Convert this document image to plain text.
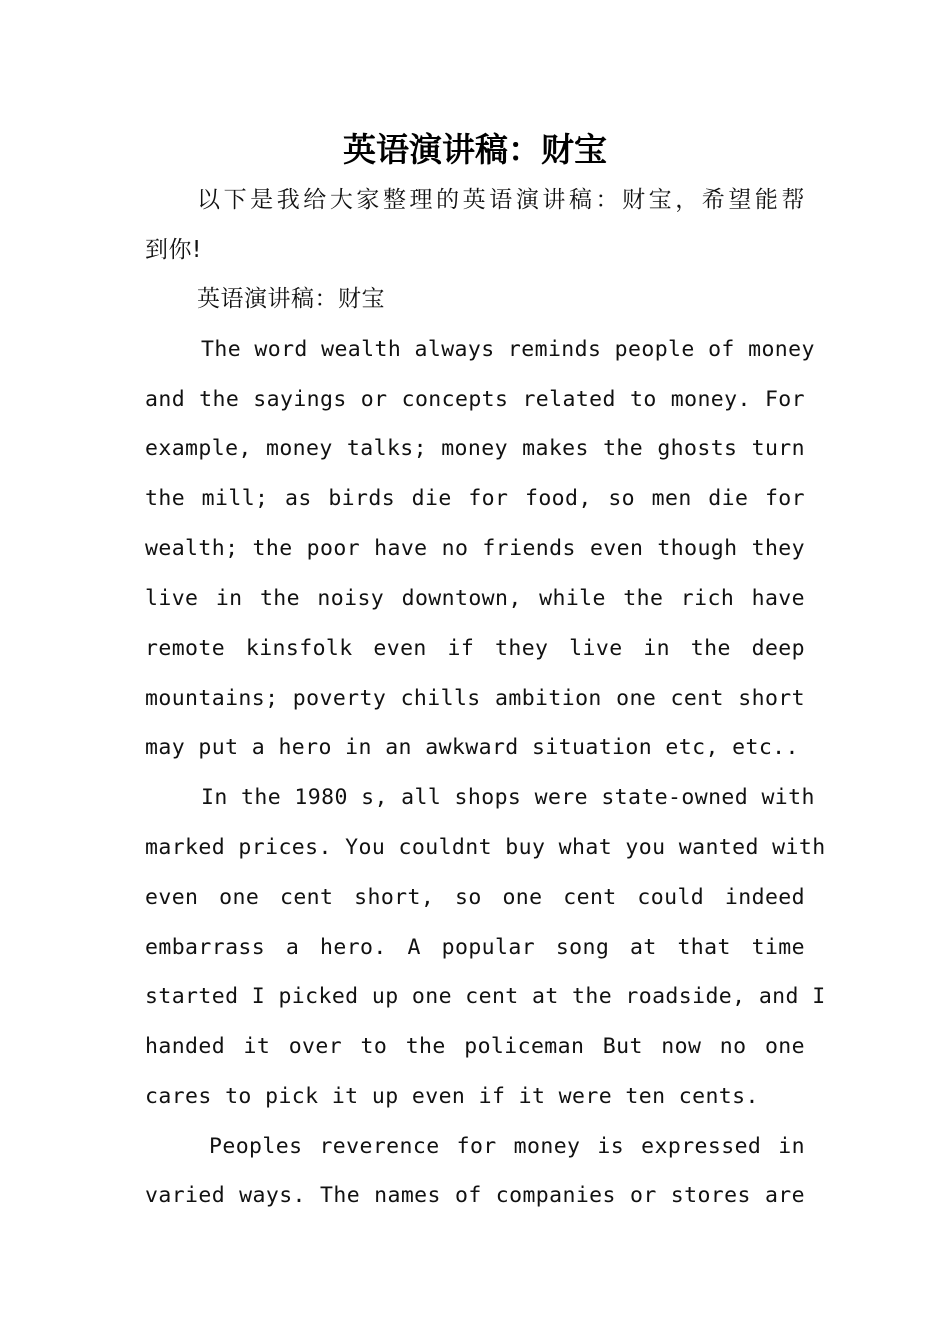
英语演讲稿：财宝

以下是我给大家整理的英语演讲稿：财宝，希望能帮

到你!

英语演讲稿：财宝

The word wealth always reminds people of money

and the sayings or concepts related to money. For

example, money talks; money makes the ghosts turn

the mill; as birds die for food, so men die for

wealth; the poor have no friends even though they

live in the noisy downtown, while the rich have

remote kinsfolk even if they live in the deep

mountains; poverty chills ambition one cent short

may put a hero in an awkward situation etc, etc..

In the 1980 s, all shops were state-owned with

marked prices. You couldnt buy what you wanted with

even one cent short, so one cent could indeed

embarrass a hero. A popular song at that time

started I picked up one cent at the roadside, and I

handed it over to the policeman But now no one

cares to pick it up even if it were ten cents.

Peoples reverence for money is expressed in

varied ways. The names of companies or stores are
